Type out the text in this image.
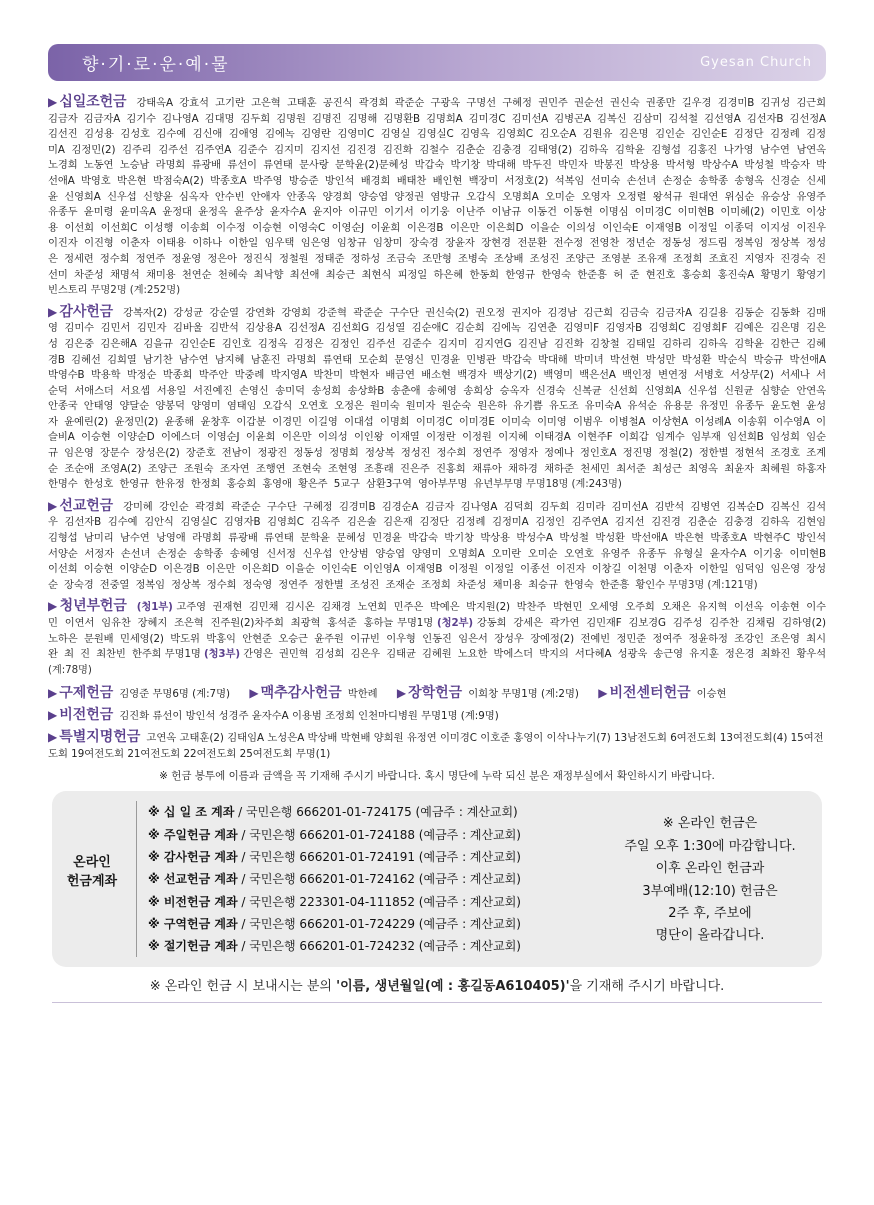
향·기·로·운·예·물	Gyesan Church
▶ 십일조헌금 강태옥A 강효석 고기란 고은혁 고태훈 공진식 곽경희 곽준순 구광옥 구명선 구혜정 권민주 권순선 권신숙 권종만 길우경 김경미B 김귀성 김근희 김금자 김금자A 김기수 김나영A 김대명 김두희 김명원 김명진 김명해 김명환B 김명희A 김미경C 김미선A 김병곤A 김복신 김삼미 김석철 김선영A 김선자B 김선정A 김선진 김성용 김성호 김수예 김신애 김애영 김에녹 김영란 김영미C 김영실 김영실C 김영옥 김영희C 김오순A 김원유 김은명 김인순 김인순E 김정단 김정례 김정미A 김정민(2) 김주리 김주선 김주연A 김준수 김지미 김지선 김진경 김진화 김철수 김춘순 김충경 김태영(2) 김하옥 김학윤 김형섭 김홍진 나가영 남수연 남연옥 노경희 노동연 노승남 라명희 류광배 류선이 류연태 문사랑 문학윤(2)문혜성 박갑숙 박기창 박대해 박두진 박민자 박봉진 박상용 박서형 박상수A 박성철 박승자 박선애A 박영호 박은현 박점숙A(2) 박종호A 박주영 방승준 방인석 배경희 배태찬 배인현 백장미 서정호(2) 석복임 선미숙 손선녀 손정순 송학종 송형옥 신경순 신세윤 신영희A 신우섭 신향윤 심옥자 안수빈 안애자 안종옥 양경희 양승엽 양정권 염방규 오갑식 오명희A 오미순 오영자 오정렬 왕석규 원대연 위심순 유승상 유영주 유종두 윤미령 윤미옥A 윤정대 윤정옥 윤주상 윤자수A 윤지아 이규민 이기서 이기웅 이난주 이남규 이동건 이동현 이명심 이미경C 이미현B 이미혜(2) 이민호 이상용 이선희 이선희C 이성행 이송희 이수정 이승현 이영숙C 이영순J 이윤희 이은경B 이은만 이은희D 이을순 이의성 이인숙E 이재영B 이정일 이종덕 이지성 이진우 이진자 이진형 이춘자 이태용 이하나 이한일 임우택 임은영 임창규 임창미 장숙경 장윤자 장현경 전문환 전수정 전영찬 정년순 정동성 정드림 정복임 정상복 정성은 정세련 정수희 정연주 정윤영 정은아 정진식 정철원 정태준 정하성 조금숙 조만형 조병숙 조상배 조성진 조양근 조영분 조유재 조정희 조효진 지영자 진경숙 진선미 차준성 채명석 채미용 천연순 천혜숙 최낙향 최선애 최승근 최현식 피정일 하은혜 한동희 한영규 한영숙 한준흥 허 준 현진호 홍승희 홍진숙A 황명기 황영기 빈스토리 무명2명 (계:252명)
▶ 감사헌금 강복자(2) 강성균 강순열 강연화 강영희 강준혁 곽준순 구수단 권신숙(2) 권오정 권지아 김경남 김근희 김금숙 김금자A 김길용 김동순 김동화 김매영 김미수 김민서 김민자 김바울 김반석 김상용A 김선정A 김선희G 김성열 김순애C 김순희 김에녹 김연춘 김영미F 김영자B 김영희C 김영희F 김예은 김은명 김은성 김은중 김은해A 김을규 김인순E 김인호 김정옥 김정은 김정인 김주선 김준수 김지미 김지연G 김진남 김진화 김창철 김태일 김하리 김하옥 김학윤 김한근 김혜경B 김혜선 김희열 남기찬 남수연 남지혜 남훈진 라명희 류연태 모순희 문영신 민경윤 민병관 박갑숙 박대해 박미녀 박선현 박성만 박성환 박순식 박승규 박선애A 박영수B 박용학 박정순 박종희 박주안 박중례 박지영A 박찬미 박현자 배금연 배소현 백경자 백상기(2) 백영미 백은선A 백인정 변연정 서병호 서상무(2) 서세나 서순덕 서애스더 서요셉 서용일 서진예진 손영신 송미덕 송성희 송상화B 송춘애 송혜영 송희상 승옥자 신경숙 신복균 신선희 신영희A 신우섭 신원균 심향순 안연옥 안종국 안태영 양달순 양봉덕 양영미 염태임 오갑식 오연호 오정은 원미숙 원미자 원순숙 원은하 유기쁨 유도조 유미숙A 유석순 유용문 유정민 유종두 윤도현 윤성자 윤예린(2) 윤정민(2) 윤종해 윤창후 이갑분 이경민 이길영 이대섭 이명희 이미경C 이미경E 이미숙 이미영 이범우 이병철A 이상현A 이성례A 이송휘 이수영A 이슬비A 이승현 이양순D 이에스더 이영순J 이윤희 이은만 이의성 이인왕 이재열 이정란 이정원 이지혜 이태경A 이현주F 이희갑 임계수 임부재 임선희B 임성희 임순규 임은영 장문수 장성은(2) 장준호 전남이 정광진 정동성 정명희 정상복 정성진 정수희 정연주 정영자 정예나 정인호A 정진명 정철(2) 정한별 정현석 조경호 조계순 조순애 조영A(2) 조양근 조원숙 조자연 조행연 조현숙 조현영 조흥래 진은주 진홍희 채류아 채하경 채하준 천세민 최서준 최성근 최영옥 최윤자 최혜원 하홍자 한명수 한성호 한영규 한유정 한정희 홍승희 홍영애 황은주 5교구 삼환3구역 영아부무명 유년부무명 무명18명 (계:243명)
▶ 선교헌금 강미혜 강인순 곽경희 곽준순 구수단 구혜정 김경미B 김경순A 김금자 김나영A 김덕희 김두희 김미라 김미선A 김반석 김병연 김복순D 김복신 김석우 김선자B 김수예 김안식 김영실C 김영자B 김영희C 김옥주 김은솔 김은재 김정단 김정례 김정미A 김정인 김주연A 김지선 김진경 김춘순 김충경 김하옥 김현임 김형섭 남미리 남수연 낭영애 라명희 류광배 류연태 문학윤 문혜성 민경윤 박갑숙 박기창 박상용 박성수A 박성철 박성환 박선애A 박은현 박종호A 박현주C 방인석 서양순 서정자 손선녀 손정순 송학종 송혜영 신서정 신우섭 안상범 양승엽 양영미 오명희A 오미란 오미순 오연호 유영주 유종두 유형실 윤자수A 이기웅 이미현B 이선희 이승현 이양순D 이은경B 이은만 이은희D 이을순 이인숙E 이인영A 이재영B 이정원 이정일 이종선 이진자 이창길 이천명 이춘자 이한일 임덕임 임은영 장성순 장숙경 전중열 정복임 정상복 정수희 정숙영 정연주 정한별 조성진 조재순 조정희 차준성 채미용 최승규 한영숙 한준흥 황인수 무명3명 (계:121명)
▶ 청년부헌금 (청1부) 고주영 권재현 김민채 김시온 김채경 노연희 민주은 박예은 박지원(2) 박찬주 박현민 오세영 오주희 오채은 유지혁 이선옥 이송현 이수민 이연서 임유찬 장혜지 조은혁 진주원(2)차주희 최광혁 홍석준 홍하늘 무명1명 (청2부) 강동희 강세은 곽가연 김민재F 김보경G 김주성 김주찬 김채림 김하영(2) 노하은 문원배 민세영(2) 박도위 박홍익 안현준 오승근 윤주원 이규빈 이우형 인동진 임은서 장성우 장예정(2) 전예빈 정민준 정여주 정윤하정 조강인 조은영 최시완 최 진 최찬빈 한주희 무명1명 (청3부) 간영은 권민혁 김성희 김은우 김태균 김혜원 노요한 박에스더 박지의 서다혜A 성광욱 송근영 유지훈 정은경 최화진 황우석 (계:78명)
▶ 구제헌금 김영준 무명6명 (계:7명) ▶ 맥추감사헌금 박한례 ▶ 장학헌금 이희창 무명1명 (계:2명) ▶ 비전센터헌금 이승현
▶ 비전헌금 김진화 류선이 방인석 성경주 윤자수A 이용범 조정희 인천마디병원 무명1명 (계:9명)
▶ 특별지명헌금 고연옥 고태훈(2) 김태임A 노성은A 박상배 박현배 양희원 유정연 이미경C 이호준 홍영이 이삭나누기(7) 13남전도회 6여전도회 13여전도회(4) 15여전도회 19여전도회 21여전도회 22여전도회 25여전도회 무명(1)
※ 헌금 봉투에 이름과 금액을 꼭 기재해 주시기 바랍니다. 혹시 명단에 누락 되신 분은 재정부실에서 확인하시기 바랍니다.
온라인
헌금계좌
※ 십 일 조 계좌 / 국민은행 666201-01-724175 (예금주 : 계산교회)
※ 주일헌금 계좌 / 국민은행 666201-01-724188 (예금주 : 계산교회)
※ 감사헌금 계좌 / 국민은행 666201-01-724191 (예금주 : 계산교회)
※ 선교헌금 계좌 / 국민은행 666201-01-724162 (예금주 : 계산교회)
※ 비전헌금 계좌 / 국민은행 223301-04-111852 (예금주 : 계산교회)
※ 구역헌금 계좌 / 국민은행 666201-01-724229 (예금주 : 계산교회)
※ 절기헌금 계좌 / 국민은행 666201-01-724232 (예금주 : 계산교회)
※ 온라인 헌금은
주일 오후 1:30에 마감합니다.
이후 온라인 헌금과
3부예배(12:10) 헌금은
2주 후, 주보에
명단이 올라갑니다.
※ 온라인 헌금 시 보내시는 분의 '이름, 생년월일(예 : 홍길동A610405)'을 기재해 주시기 바랍니다.
